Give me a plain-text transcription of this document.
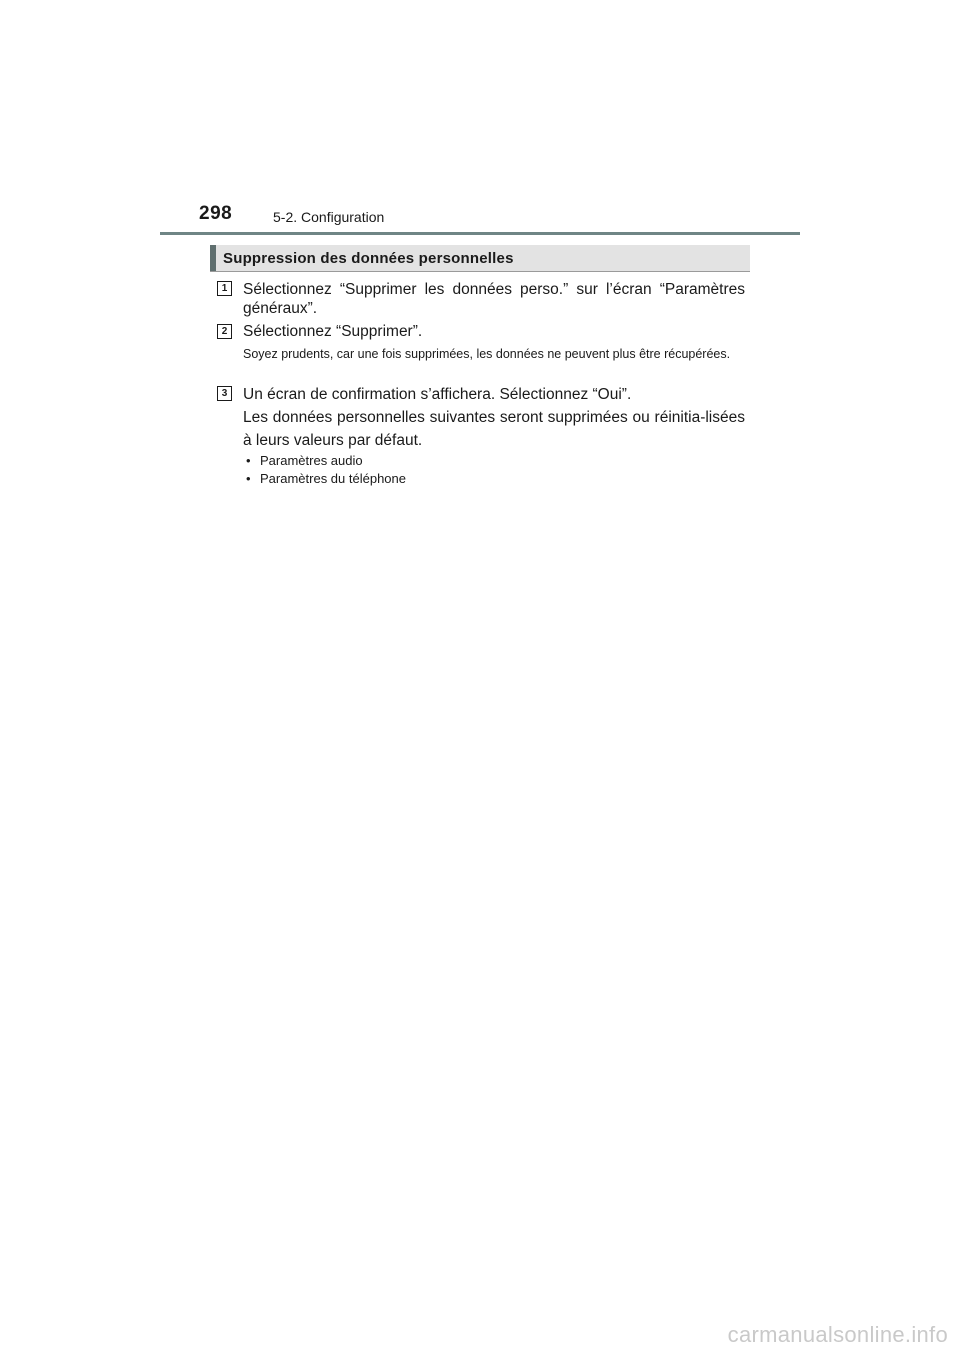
298	5-2. Configuration
Suppression des données personnelles
1	Sélectionnez “Supprimer les données perso.” sur l’écran “Paramètres généraux”.
2	Sélectionnez “Supprimer”.
Soyez prudents, car une fois supprimées, les données ne peuvent plus être récupérées.
3	Un écran de confirmation s’affichera. Sélectionnez “Oui”.
Les données personnelles suivantes seront supprimées ou réinitia-lisées à leurs valeurs par défaut.
• Paramètres audio
• Paramètres du téléphone
carmanualsonline.info
